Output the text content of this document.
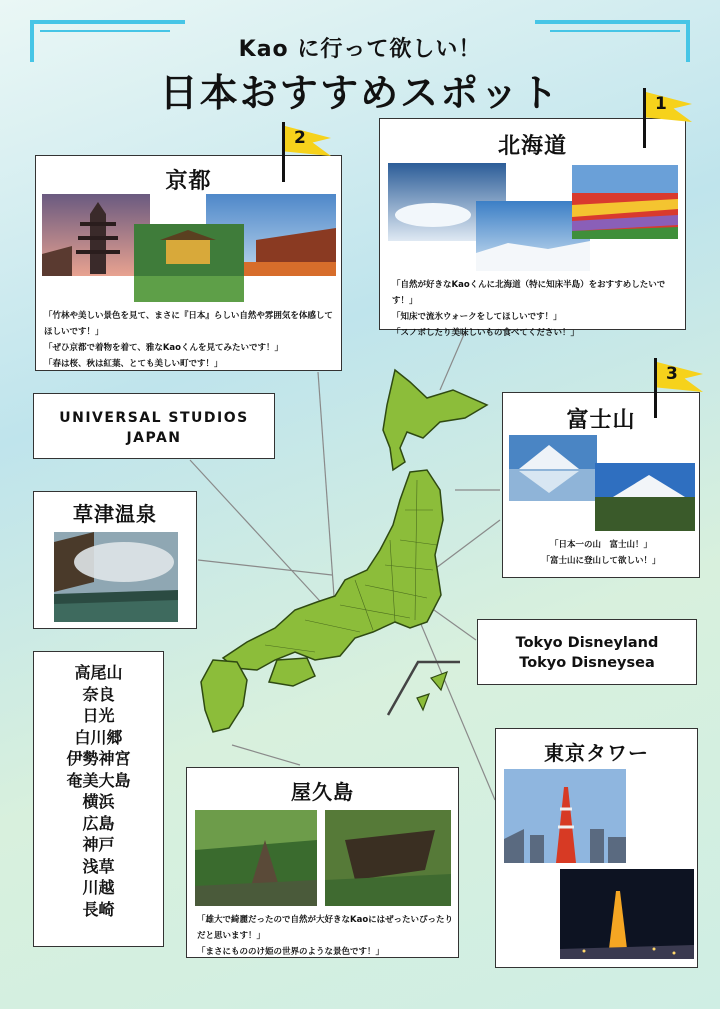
Kao に行って欲しい！
日本おすすめスポット
北海道
「自然が好きなKaoくんに北海道（特に知床半島）をおすすめしたいです！」
「知床で流氷ウォークをしてほしいです！」
「スノボしたり美味しいもの食べてください！」
1
京都
「竹林や美しい景色を見て、まさに『日本』らしい自然や雰囲気を体感してほしいです！」
「ぜひ京都で着物を着て、雅なKaoくんを見てみたいです！」
「春は桜、秋は紅葉、とても美しい町です！」
2
富士山
「日本一の山　富士山！」
「富士山に登山して欲しい！」
3
UNIVERSAL STUDIOS
JAPAN
草津温泉
Tokyo Disneyland
Tokyo Disneysea
高尾山
奈良
日光
白川郷
伊勢神宮
奄美大島
横浜
広島
神戸
浅草
川越
長崎
屋久島
「雄大で綺麗だったので自然が大好きなKaoにはぜったいぴったりだと思います！」
「まさにもののけ姫の世界のような景色です！」
東京タワー
